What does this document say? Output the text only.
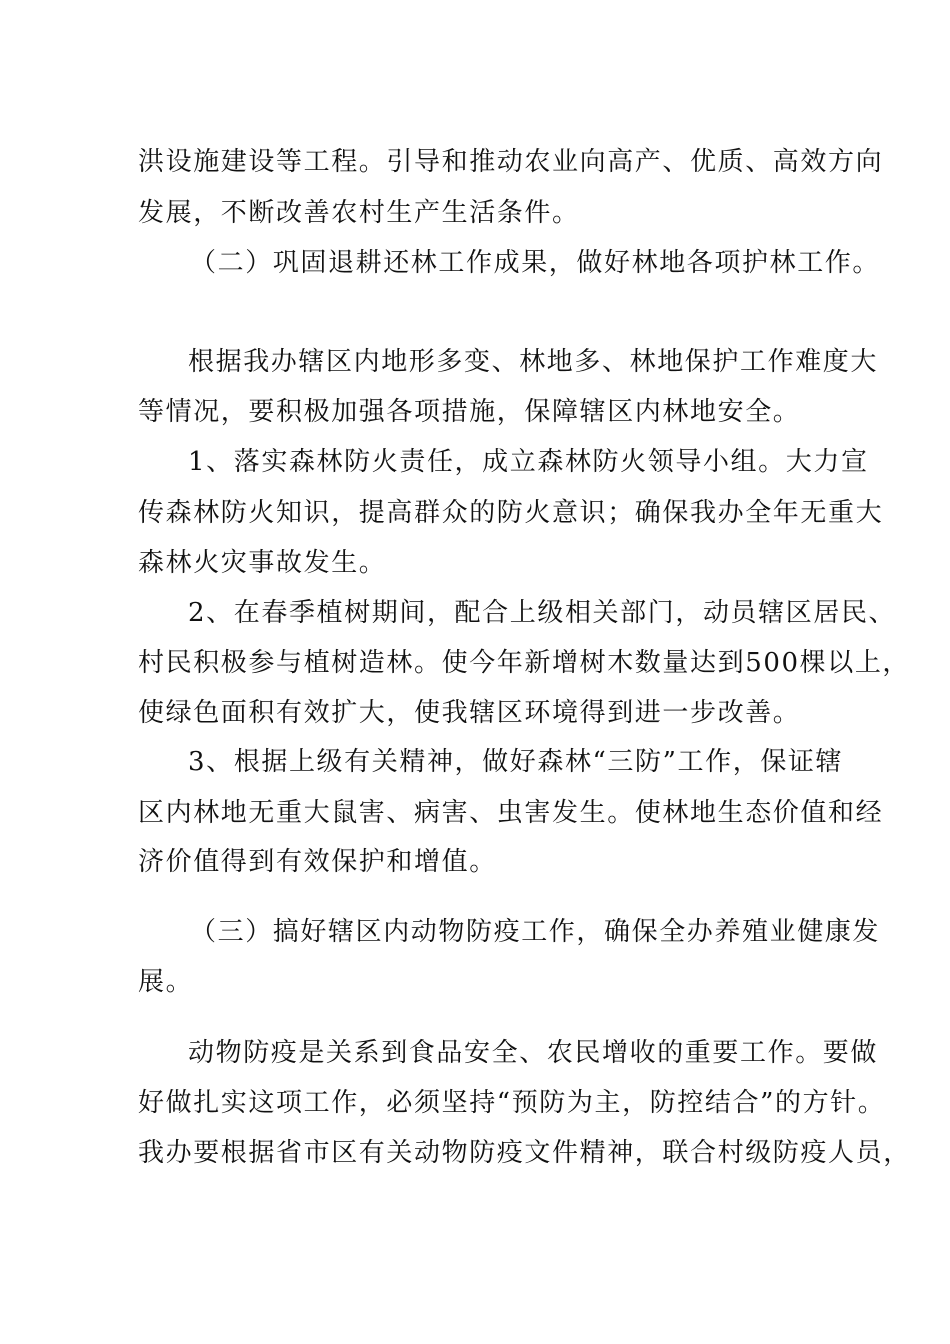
洪设施建设等工程。引导和推动农业向高产、优质、高效方向
发展，不断改善农村生产生活条件。
（二）巩固退耕还林工作成果，做好林地各项护林工作。
根据我办辖区内地形多变、林地多、林地保护工作难度大
等情况，要积极加强各项措施，保障辖区内林地安全。
1、落实森林防火责任，成立森林防火领导小组。大力宣
传森林防火知识，提高群众的防火意识；确保我办全年无重大
森林火灾事故发生。
2、在春季植树期间，配合上级相关部门，动员辖区居民、
村民积极参与植树造林。使今年新增树木数量达到500棵以上，
使绿色面积有效扩大，使我辖区环境得到进一步改善。
3、根据上级有关精神，做好森林“三防”工作，保证辖
区内林地无重大鼠害、病害、虫害发生。使林地生态价值和经
济价值得到有效保护和增值。
（三）搞好辖区内动物防疫工作，确保全办养殖业健康发
展。
动物防疫是关系到食品安全、农民增收的重要工作。要做
好做扎实这项工作，必须坚持“预防为主，防控结合”的方针。
我办要根据省市区有关动物防疫文件精神，联合村级防疫人员，
